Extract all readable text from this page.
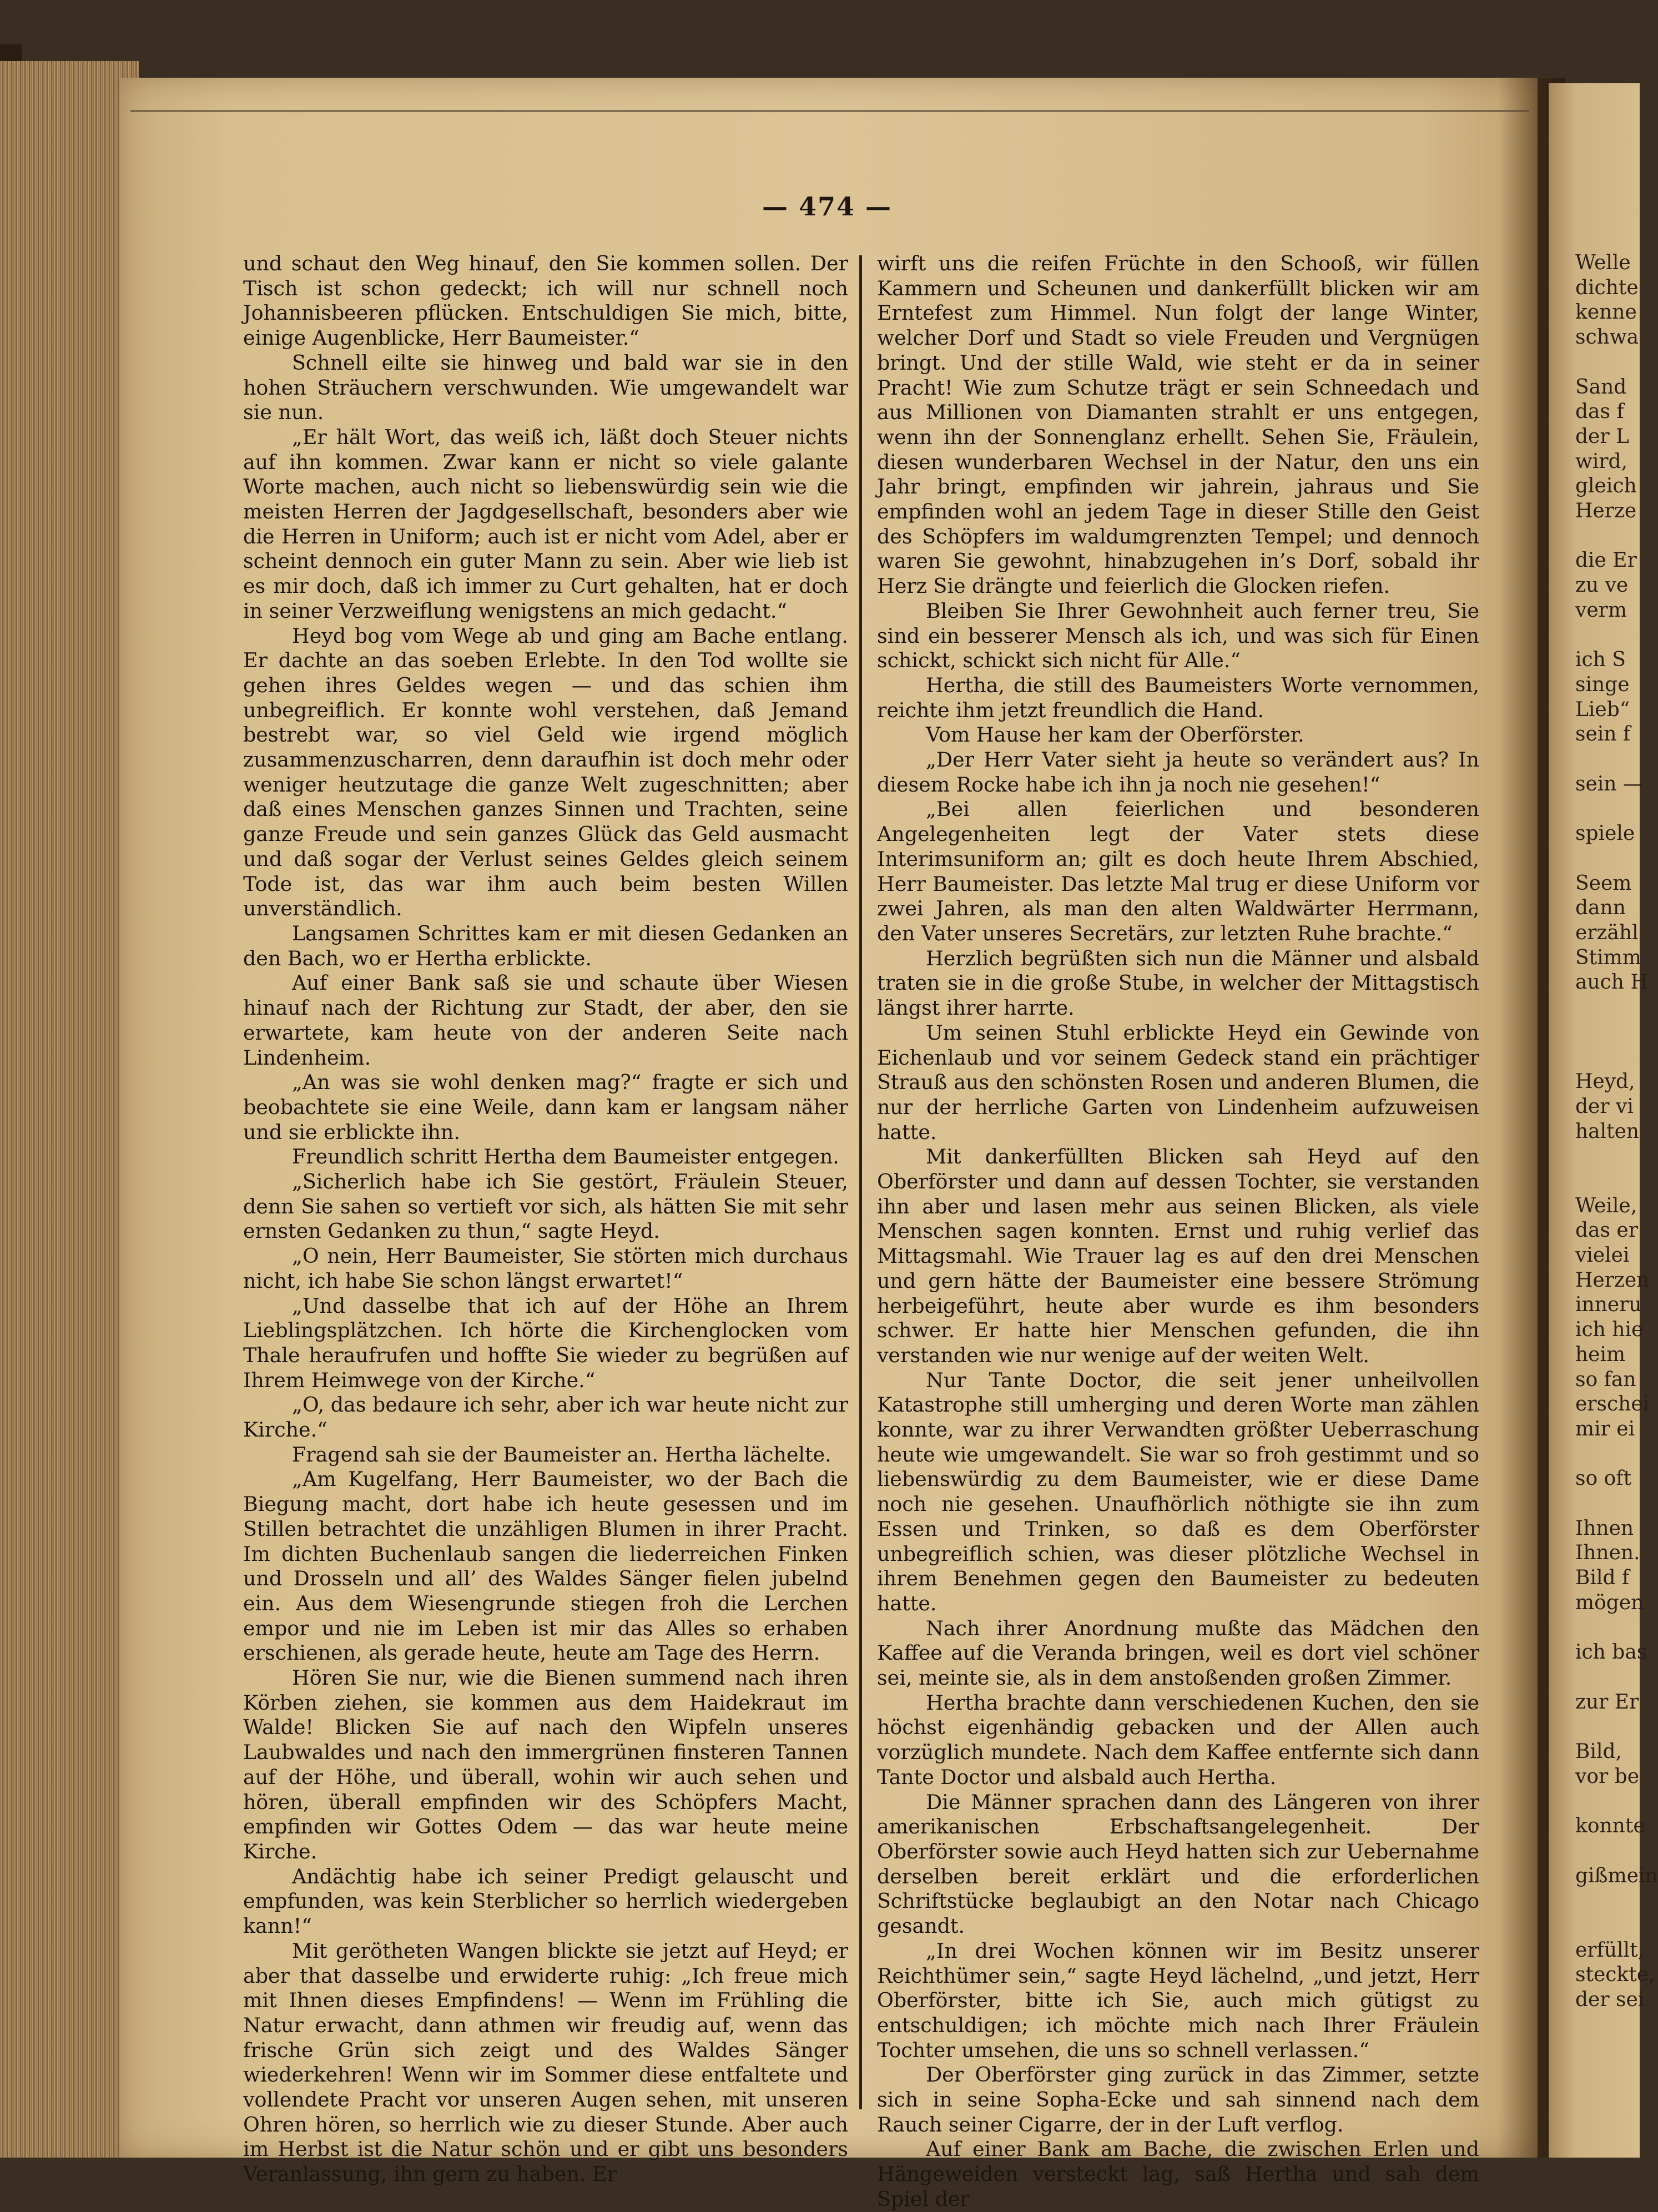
Welle
dichte
kenne
schwa
Sand
das f
der L
wird,
gleich
Herze
die Er
zu ve
verm
ich S
singe
Lieb“
sein f
sein —
spiele
Seem
dann
erzähl
Stimm
auch H
Heyd,
der vi
halten
Weile,
das er
vielei
Herzen
inneru
ich hie
heim
so fan
erschei
mir ei
so oft
Ihnen
Ihnen.
Bild f
mögen
ich bas
zur Er
Bild,
vor be
konnte
gißmein
erfüllt,
steckte,
der sei
— 474 —

und schaut den Weg hinauf, den Sie kommen sollen. Der Tisch ist schon gedeckt; ich will nur schnell noch Johannisbeeren pflücken. Entschuldigen Sie mich, bitte, einige Augenblicke, Herr Baumeister.“

Schnell eilte sie hinweg und bald war sie in den hohen Sträuchern verschwunden. Wie umgewandelt war sie nun.

„Er hält Wort, das weiß ich, läßt doch Steuer nichts auf ihn kommen. Zwar kann er nicht so viele galante Worte machen, auch nicht so liebenswürdig sein wie die meisten Herren der Jagdgesellschaft, besonders aber wie die Herren in Uniform; auch ist er nicht vom Adel, aber er scheint dennoch ein guter Mann zu sein. Aber wie lieb ist es mir doch, daß ich immer zu Curt gehalten, hat er doch in seiner Verzweiflung wenigstens an mich gedacht.“

Heyd bog vom Wege ab und ging am Bache entlang. Er dachte an das soeben Erlebte. In den Tod wollte sie gehen ihres Geldes wegen — und das schien ihm unbegreiflich. Er konnte wohl verstehen, daß Jemand bestrebt war, so viel Geld wie irgend möglich zusammenzuscharren, denn daraufhin ist doch mehr oder weniger heutzutage die ganze Welt zugeschnitten; aber daß eines Menschen ganzes Sinnen und Trachten, seine ganze Freude und sein ganzes Glück das Geld ausmacht und daß sogar der Verlust seines Geldes gleich seinem Tode ist, das war ihm auch beim besten Willen unverständlich.

Langsamen Schrittes kam er mit diesen Gedanken an den Bach, wo er Hertha erblickte.

Auf einer Bank saß sie und schaute über Wiesen hinauf nach der Richtung zur Stadt, der aber, den sie erwartete, kam heute von der anderen Seite nach Lindenheim.

„An was sie wohl denken mag?“ fragte er sich und beobachtete sie eine Weile, dann kam er langsam näher und sie erblickte ihn.

Freundlich schritt Hertha dem Baumeister entgegen.

„Sicherlich habe ich Sie gestört, Fräulein Steuer, denn Sie sahen so vertieft vor sich, als hätten Sie mit sehr ernsten Gedanken zu thun,“ sagte Heyd.

„O nein, Herr Baumeister, Sie störten mich durchaus nicht, ich habe Sie schon längst erwartet!“

„Und dasselbe that ich auf der Höhe an Ihrem Lieblingsplätzchen. Ich hörte die Kirchenglocken vom Thale heraufrufen und hoffte Sie wieder zu begrüßen auf Ihrem Heimwege von der Kirche.“

„O, das bedaure ich sehr, aber ich war heute nicht zur Kirche.“

Fragend sah sie der Baumeister an. Hertha lächelte.

„Am Kugelfang, Herr Baumeister, wo der Bach die Biegung macht, dort habe ich heute gesessen und im Stillen betrachtet die unzähligen Blumen in ihrer Pracht. Im dichten Buchenlaub sangen die liederreichen Finken und Drosseln und all’ des Waldes Sänger fielen jubelnd ein. Aus dem Wiesengrunde stiegen froh die Lerchen empor und nie im Leben ist mir das Alles so erhaben erschienen, als gerade heute, heute am Tage des Herrn.

Hören Sie nur, wie die Bienen summend nach ihren Körben ziehen, sie kommen aus dem Haidekraut im Walde! Blicken Sie auf nach den Wipfeln unseres Laubwaldes und nach den immergrünen finsteren Tannen auf der Höhe, und überall, wohin wir auch sehen und hören, überall empfinden wir des Schöpfers Macht, empfinden wir Gottes Odem — das war heute meine Kirche.

Andächtig habe ich seiner Predigt gelauscht und empfunden, was kein Sterblicher so herrlich wiedergeben kann!“

Mit gerötheten Wangen blickte sie jetzt auf Heyd; er aber that dasselbe und erwiderte ruhig: „Ich freue mich mit Ihnen dieses Empfindens! — Wenn im Frühling die Natur erwacht, dann athmen wir freudig auf, wenn das frische Grün sich zeigt und des Waldes Sänger wiederkehren! Wenn wir im Sommer diese entfaltete und vollendete Pracht vor unseren Augen sehen, mit unseren Ohren hören, so herrlich wie zu dieser Stunde. Aber auch im Herbst ist die Natur schön und er gibt uns besonders Veranlassung, ihn gern zu haben. Er

wirft uns die reifen Früchte in den Schooß, wir füllen Kammern und Scheunen und dankerfüllt blicken wir am Erntefest zum Himmel. Nun folgt der lange Winter, welcher Dorf und Stadt so viele Freuden und Vergnügen bringt. Und der stille Wald, wie steht er da in seiner Pracht! Wie zum Schutze trägt er sein Schneedach und aus Millionen von Diamanten strahlt er uns entgegen, wenn ihn der Sonnenglanz erhellt. Sehen Sie, Fräulein, diesen wunderbaren Wechsel in der Natur, den uns ein Jahr bringt, empfinden wir jahrein, jahraus und Sie empfinden wohl an jedem Tage in dieser Stille den Geist des Schöpfers im waldumgrenzten Tempel; und dennoch waren Sie gewohnt, hinabzugehen in’s Dorf, sobald ihr Herz Sie drängte und feierlich die Glocken riefen.

Bleiben Sie Ihrer Gewohnheit auch ferner treu, Sie sind ein besserer Mensch als ich, und was sich für Einen schickt, schickt sich nicht für Alle.“

Hertha, die still des Baumeisters Worte vernommen, reichte ihm jetzt freundlich die Hand.

Vom Hause her kam der Oberförster.

„Der Herr Vater sieht ja heute so verändert aus? In diesem Rocke habe ich ihn ja noch nie gesehen!“

„Bei allen feierlichen und besonderen Angelegenheiten legt der Vater stets diese Interimsuniform an; gilt es doch heute Ihrem Abschied, Herr Baumeister. Das letzte Mal trug er diese Uniform vor zwei Jahren, als man den alten Waldwärter Herrmann, den Vater unseres Secretärs, zur letzten Ruhe brachte.“

Herzlich begrüßten sich nun die Männer und alsbald traten sie in die große Stube, in welcher der Mittagstisch längst ihrer harrte.

Um seinen Stuhl erblickte Heyd ein Gewinde von Eichenlaub und vor seinem Gedeck stand ein prächtiger Strauß aus den schönsten Rosen und anderen Blumen, die nur der herrliche Garten von Lindenheim aufzuweisen hatte.

Mit dankerfüllten Blicken sah Heyd auf den Oberförster und dann auf dessen Tochter, sie verstanden ihn aber und lasen mehr aus seinen Blicken, als viele Menschen sagen konnten. Ernst und ruhig verlief das Mittagsmahl. Wie Trauer lag es auf den drei Menschen und gern hätte der Baumeister eine bessere Strömung herbeigeführt, heute aber wurde es ihm besonders schwer. Er hatte hier Menschen gefunden, die ihn verstanden wie nur wenige auf der weiten Welt.

Nur Tante Doctor, die seit jener unheilvollen Katastrophe still umherging und deren Worte man zählen konnte, war zu ihrer Verwandten größter Ueberraschung heute wie umgewandelt. Sie war so froh gestimmt und so liebenswürdig zu dem Baumeister, wie er diese Dame noch nie gesehen. Unaufhörlich nöthigte sie ihn zum Essen und Trinken, so daß es dem Oberförster unbegreiflich schien, was dieser plötzliche Wechsel in ihrem Benehmen gegen den Baumeister zu bedeuten hatte.

Nach ihrer Anordnung mußte das Mädchen den Kaffee auf die Veranda bringen, weil es dort viel schöner sei, meinte sie, als in dem anstoßenden großen Zimmer.

Hertha brachte dann verschiedenen Kuchen, den sie höchst eigenhändig gebacken und der Allen auch vorzüglich mundete. Nach dem Kaffee entfernte sich dann Tante Doctor und alsbald auch Hertha.

Die Männer sprachen dann des Längeren von ihrer amerikanischen Erbschaftsangelegenheit. Der Oberförster sowie auch Heyd hatten sich zur Uebernahme derselben bereit erklärt und die erforderlichen Schriftstücke beglaubigt an den Notar nach Chicago gesandt.

„In drei Wochen können wir im Besitz unserer Reichthümer sein,“ sagte Heyd lächelnd, „und jetzt, Herr Oberförster, bitte ich Sie, auch mich gütigst zu entschuldigen; ich möchte mich nach Ihrer Fräulein Tochter umsehen, die uns so schnell verlassen.“

Der Oberförster ging zurück in das Zimmer, setzte sich in seine Sopha-Ecke und sah sinnend nach dem Rauch seiner Cigarre, der in der Luft verflog.

Auf einer Bank am Bache, die zwischen Erlen und Hängeweiden versteckt lag, saß Hertha und sah dem Spiel der
